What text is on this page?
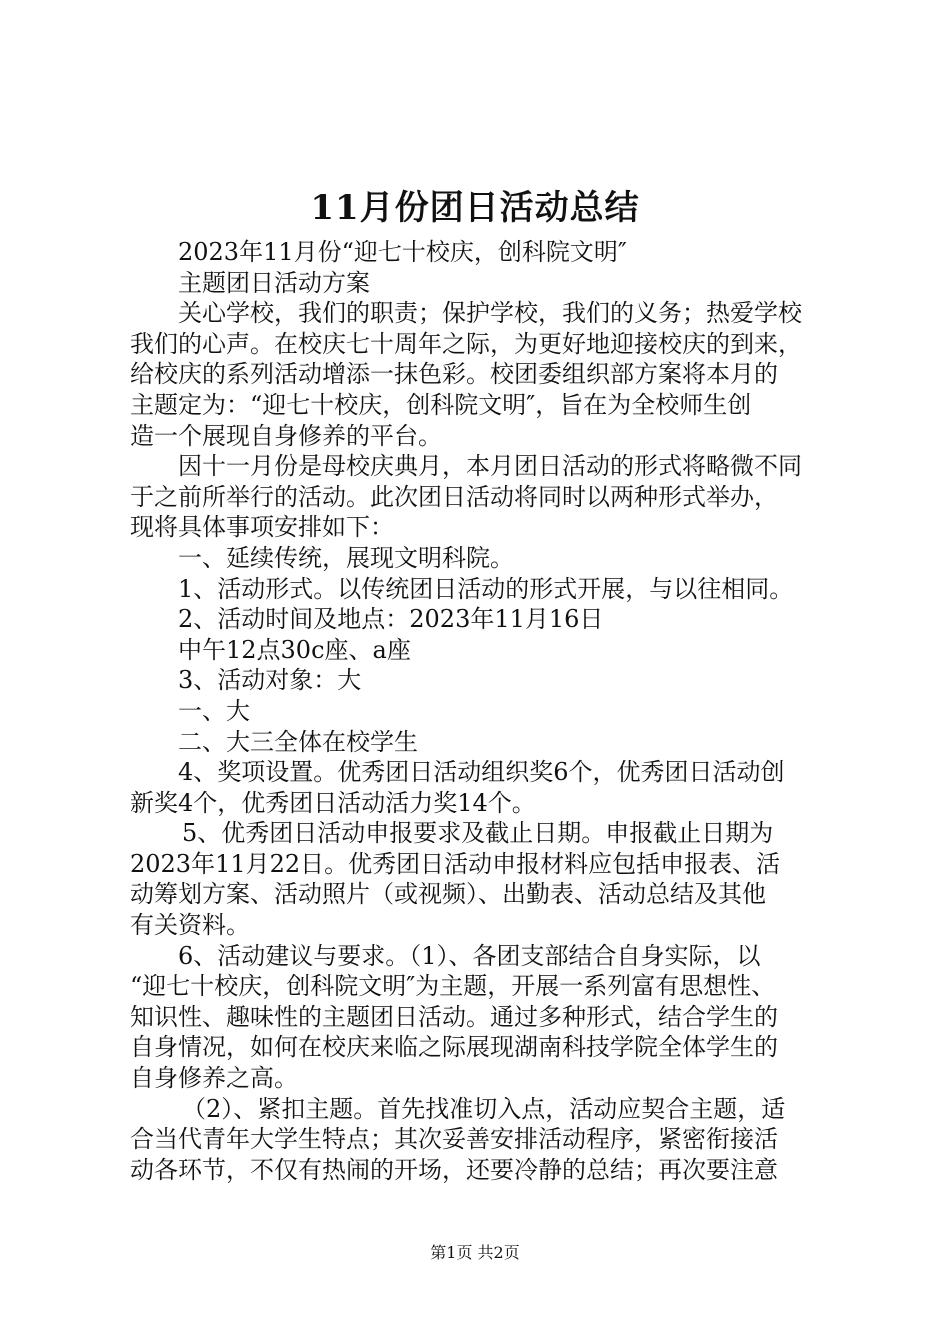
11月份团日活动总结
2023年11月份“迎七十校庆，创科院文明″
主题团日活动方案
关心学校，我们的职责；保护学校，我们的义务；热爱学校
我们的心声。在校庆七十周年之际，为更好地迎接校庆的到来，
给校庆的系列活动增添一抹色彩。校团委组织部方案将本月的
主题定为：“迎七十校庆，创科院文明″，旨在为全校师生创
造一个展现自身修养的平台。
因十一月份是母校庆典月，本月团日活动的形式将略微不同
于之前所举行的活动。此次团日活动将同时以两种形式举办，
现将具体事项安排如下：
一、延续传统，展现文明科院。
1、活动形式。以传统团日活动的形式开展，与以往相同。
2、活动时间及地点：2023年11月16日
中午12点30c座、a座
3、活动对象：大
一、大
二、大三全体在校学生
4、奖项设置。优秀团日活动组织奖6个，优秀团日活动创
新奖4个，优秀团日活动活力奖14个。
5、优秀团日活动申报要求及截止日期。申报截止日期为
2023年11月22日。优秀团日活动申报材料应包括申报表、活
动筹划方案、活动照片（或视频）、出勤表、活动总结及其他
有关资料。
6、活动建议与要求。（1）、各团支部结合自身实际，以
“迎七十校庆，创科院文明″为主题，开展一系列富有思想性、
知识性、趣味性的主题团日活动。通过多种形式，结合学生的
自身情况，如何在校庆来临之际展现湖南科技学院全体学生的
自身修养之高。
（2）、紧扣主题。首先找准切入点，活动应契合主题，适
合当代青年大学生特点；其次妥善安排活动程序，紧密衔接活
动各环节，不仅有热闹的开场，还要冷静的总结；再次要注意
第1页 共2页
